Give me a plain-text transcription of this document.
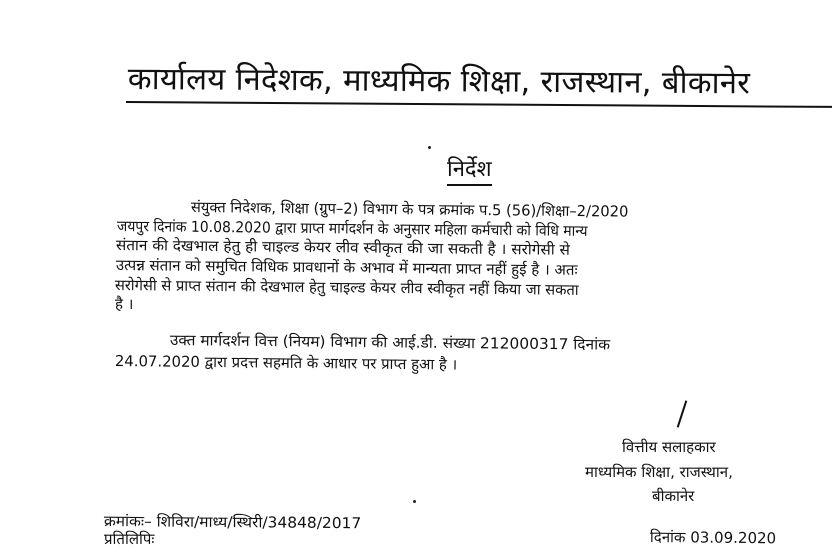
कार्यालय निदेशक, माध्यमिक शिक्षा, राजस्थान, बीकानेर
निर्देश
संयुक्त निदेशक, शिक्षा (ग्रुप–2) विभाग के पत्र क्रमांक प.5 (56)/शिक्षा–2/2020
जयपुर दिनांक 10.08.2020 द्वारा प्राप्त मार्गदर्शन के अनुसार महिला कर्मचारी को विधि मान्य
संतान की देखभाल हेतु ही चाइल्ड केयर लीव स्वीकृत की जा सकती है । सरोगेसी से
उत्पन्न संतान को समुचित विधिक प्रावधानों के अभाव में मान्यता प्राप्त नहीं हुई है । अतः
सरोगेसी से प्राप्त संतान की देखभाल हेतु चाइल्ड केयर लीव स्वीकृत नहीं किया जा सकता
है ।
उक्त मार्गदर्शन वित्त (नियम) विभाग की आई.डी. संख्या 212000317 दिनांक
24.07.2020 द्वारा प्रदत्त सहमति के आधार पर प्राप्त हुआ है ।
वित्तीय सलाहकार
माध्यमिक शिक्षा, राजस्थान,
बीकानेर
क्रमांकः– शिविरा/माध्य/स्थिरी/34848/2017
प्रतिलिपिः	दिनांक 03.09.2020
